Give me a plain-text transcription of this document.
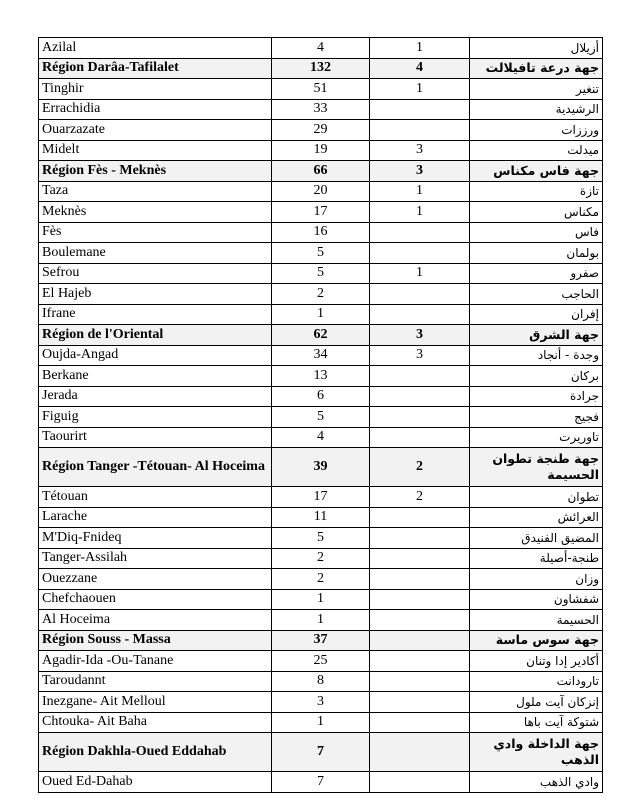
Azilal	4	1	أزيلال
Région Darâa-Tafilalet	132	4	جهة درعة تافيلالت
Tinghir	51	1	تنغير
Errachidia	33		الرشيدية
Ouarzazate	29		ورززات
Midelt	19	3	ميدلت
Région Fès - Meknès	66	3	جهة فاس مكناس
Taza	20	1	تازة
Meknès	17	1	مكناس
Fès	16		فاس
Boulemane	5		بولمان
Sefrou	5	1	صفرو
El Hajeb	2		الحاجب
Ifrane	1		إفران
Région de l'Oriental	62	3	جهة الشرق
Oujda-Angad	34	3	وجدة - أنجاد
Berkane	13		بركان
Jerada	6		جرادة
Figuig	5		فجيج
Taourirt	4		تاوريرت
Région Tanger -Tétouan- Al Hoceima	39	2	جهة طنجة تطوان الحسيمة
Tétouan	17	2	تطوان
Larache	11		العرائش
M'Diq-Fnideq	5		المضيق الفنيدق
Tanger-Assilah	2		طنجة-أصيلة
Ouezzane	2		وزان
Chefchaouen	1		شفشاون
Al Hoceima	1		الحسيمة
Région Souss - Massa	37		جهة سوس ماسة
Agadir-Ida -Ou-Tanane	25		أكادير إدا وتنان
Taroudannt	8		تارودانت
Inezgane- Ait Melloul	3		إنزكان آيت ملول
Chtouka- Ait Baha	1		شتوكة آيت باها
Région Dakhla-Oued Eddahab	7		جهة الداخلة وادي الذهب
Oued Ed-Dahab	7		وادي الذهب
